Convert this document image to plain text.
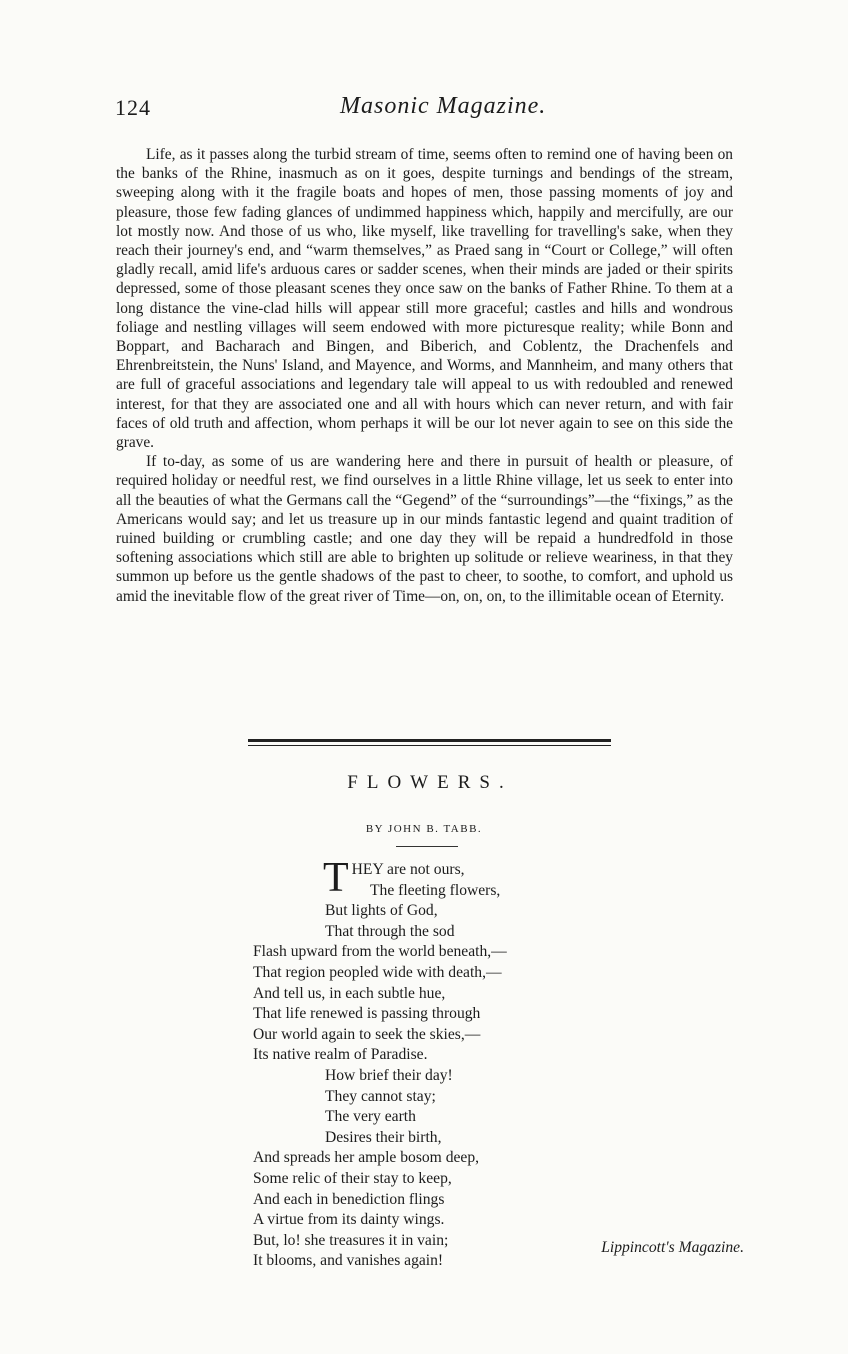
124	Masonic Magazine.

Life, as it passes along the turbid stream of time, seems often to remind one of having been on the banks of the Rhine, inasmuch as on it goes, despite turnings and bendings of the stream, sweeping along with it the fragile boats and hopes of men, those passing moments of joy and pleasure, those few fading glances of undimmed happiness which, happily and mercifully, are our lot mostly now. And those of us who, like myself, like travelling for travelling's sake, when they reach their journey's end, and “warm themselves,” as Praed sang in “Court or College,” will often gladly recall, amid life's arduous cares or sadder scenes, when their minds are jaded or their spirits depressed, some of those pleasant scenes they once saw on the banks of Father Rhine. To them at a long distance the vine-clad hills will appear still more graceful; castles and hills and wondrous foliage and nestling villages will seem endowed with more picturesque reality; while Bonn and Boppart, and Bacharach and Bingen, and Biberich, and Coblentz, the Drachenfels and Ehrenbreitstein, the Nuns' Island, and Mayence, and Worms, and Mannheim, and many others that are full of graceful associations and legendary tale will appeal to us with redoubled and renewed interest, for that they are associated one and all with hours which can never return, and with fair faces of old truth and affection, whom perhaps it will be our lot never again to see on this side the grave.

If to-day, as some of us are wandering here and there in pursuit of health or pleasure, of required holiday or needful rest, we find ourselves in a little Rhine village, let us seek to enter into all the beauties of what the Germans call the “Gegend” of the “surroundings”—the “fixings,” as the Americans would say; and let us treasure up in our minds fantastic legend and quaint tradition of ruined building or crumbling castle; and one day they will be repaid a hundredfold in those softening associations which still are able to brighten up solitude or relieve weariness, in that they summon up before us the gentle shadows of the past to cheer, to soothe, to comfort, and uphold us amid the inevitable flow of the great river of Time—on, on, on, to the illimitable ocean of Eternity.

FLOWERS.
BY JOHN B. TABB.
THEY are not ours,
The fleeting flowers,
But lights of God,
That through the sod
Flash upward from the world beneath,—
That region peopled wide with death,—
And tell us, in each subtle hue,
That life renewed is passing through
Our world again to seek the skies,—
Its native realm of Paradise.
How brief their day!
They cannot stay;
The very earth
Desires their birth,
And spreads her ample bosom deep,
Some relic of their stay to keep,
And each in benediction flings
A virtue from its dainty wings.
But, lo! she treasures it in vain;
It blooms, and vanishes again!
Lippincott's Magazine.
